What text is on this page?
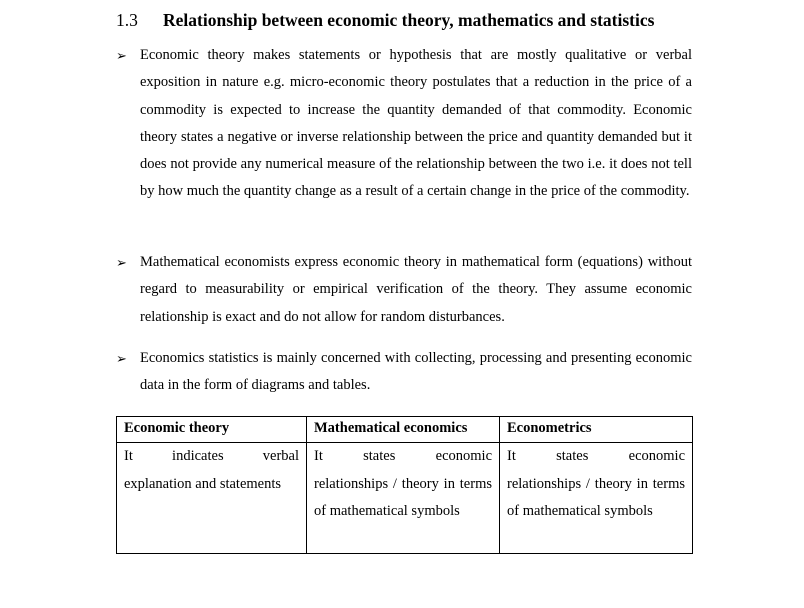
1.3 Relationship between economic theory, mathematics and statistics
➢ Economic theory makes statements or hypothesis that are mostly qualitative or verbal exposition in nature e.g. micro-economic theory postulates that a reduction in the price of a commodity is expected to increase the quantity demanded of that commodity. Economic theory states a negative or inverse relationship between the price and quantity demanded but it does not provide any numerical measure of the relationship between the two i.e. it does not tell by how much the quantity change as a result of a certain change in the price of the commodity.
➢ Mathematical economists express economic theory in mathematical form (equations) without regard to measurability or empirical verification of the theory. They assume economic relationship is exact and do not allow for random disturbances.
➢ Economics statistics is mainly concerned with collecting, processing and presenting economic data in the form of diagrams and tables.
Economic theory	Mathematical economics	Econometrics
It indicates verbal explanation and statements	It states economic relationships / theory in terms of mathematical symbols	It states economic relationships / theory in terms of mathematical symbols
